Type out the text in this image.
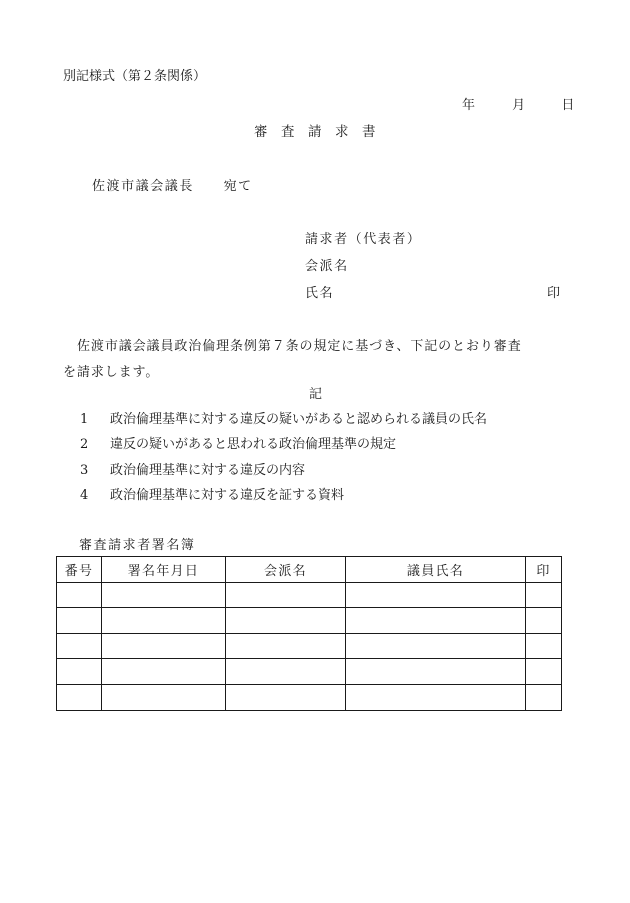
別記様式（第２条関係）
年	月	日
審　査　請　求　書
佐渡市議会議長 宛て
請求者（代表者）
会派名
氏名	印
佐渡市議会議員政治倫理条例第７条の規定に基づき、下記のとおり審査
を請求します。
記
1 政治倫理基準に対する違反の疑いがあると認められる議員の氏名
2 違反の疑いがあると思われる政治倫理基準の規定
3 政治倫理基準に対する違反の内容
4 政治倫理基準に対する違反を証する資料
審査請求者署名簿
番号	署名年月日	会派名	議員氏名	印
